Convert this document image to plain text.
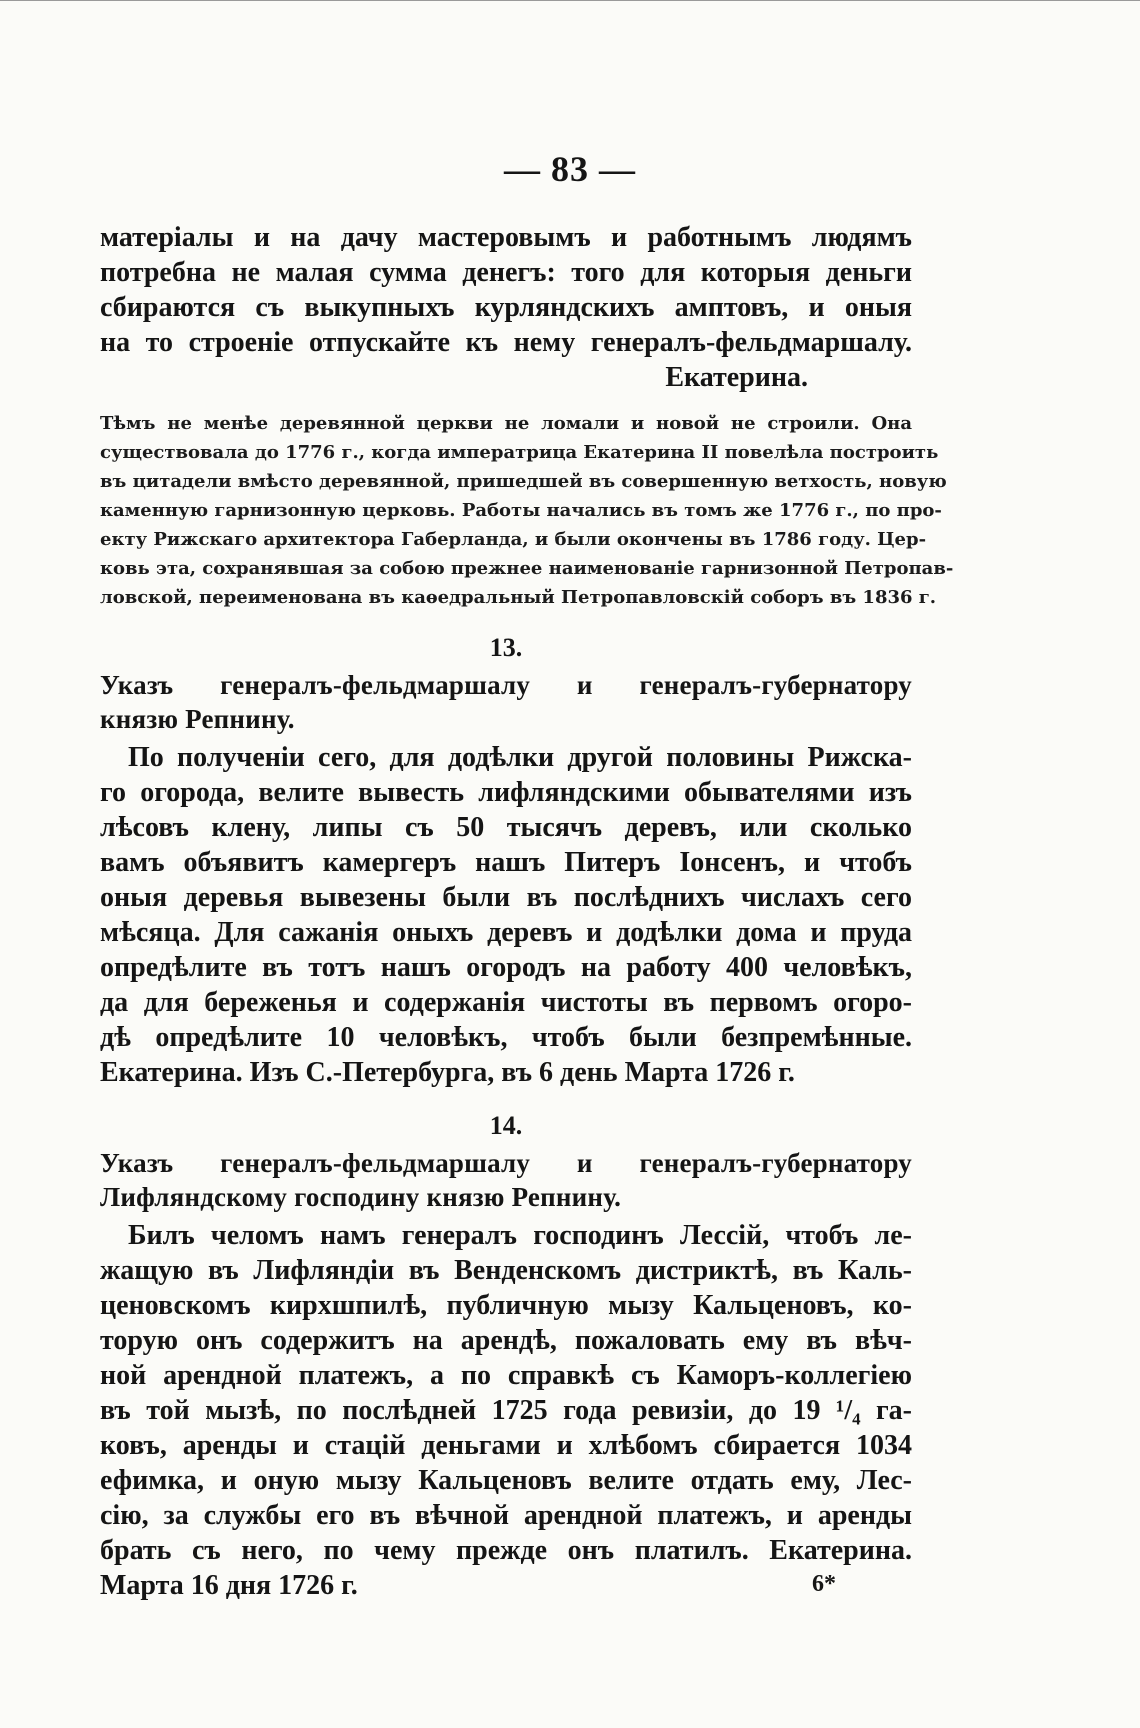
— 83 —
матеріалы и на дачу мастеровымъ и работнымъ людямъ
потребна не малая сумма денегъ: того для которыя деньги
сбираются съ выкупныхъ курляндскихъ амптовъ, и оныя
на то строеніе отпускайте къ нему генералъ-фельдмаршалу.
Екатерина.
Тѣмъ не менѣе деревянной церкви не ломали и новой не строили. Она
существовала до 1776 г., когда императрица Екатерина II повелѣла построить
въ цитадели вмѣсто деревянной, пришедшей въ совершенную ветхость, новую
каменную гарнизонную церковь. Работы начались въ томъ же 1776 г., по про-
екту Рижскаго архитектора Габерланда, и были окончены въ 1786 году. Цер-
ковь эта, сохранявшая за собою прежнее наименованіе гарнизонной Петропав-
ловской, переименована въ каѳедральный Петропавловскій соборъ въ 1836 г.
13.
Указъ генералъ-фельдмаршалу и генералъ-губернатору
князю Репнину.
По полученіи сего, для додѣлки другой половины Рижска-
го огорода, велите вывесть лифляндскими обывателями изъ
лѣсовъ клену, липы съ 50 тысячъ деревъ, или сколько
вамъ объявитъ камергеръ нашъ Питеръ Іонсенъ, и чтобъ
оныя деревья вывезены были въ послѣднихъ числахъ сего
мѣсяца. Для сажанія оныхъ деревъ и додѣлки дома и пруда
опредѣлите въ тотъ нашъ огородъ на работу 400 человѣкъ,
да для береженья и содержанія чистоты въ первомъ огоро-
дѣ опредѣлите 10 человѣкъ, чтобъ были безпремѣнные.
Екатерина. Изъ С.-Петербурга, въ 6 день Марта 1726 г.
14.
Указъ генералъ-фельдмаршалу и генералъ-губернатору
Лифляндскому господину князю Репнину.
Билъ челомъ намъ генералъ господинъ Лессій, чтобъ ле-
жащую въ Лифляндіи въ Венденскомъ дистриктѣ, въ Каль-
ценовскомъ кирхшпилѣ, публичную мызу Кальценовъ, ко-
торую онъ содержитъ на арендѣ, пожаловать ему въ вѣч-
ной арендной платежъ, а по справкѣ съ Каморъ-коллегіею
въ той мызѣ, по послѣдней 1725 года ревизіи, до 19 ¹/₄ га-
ковъ, аренды и стацій деньгами и хлѣбомъ сбирается 1034
ефимка, и оную мызу Кальценовъ велите отдать ему, Лес-
сію, за службы его въ вѣчной арендной платежъ, и аренды
брать съ него, по чему прежде онъ платилъ. Екатерина.
Марта 16 дня 1726 г.	6*
